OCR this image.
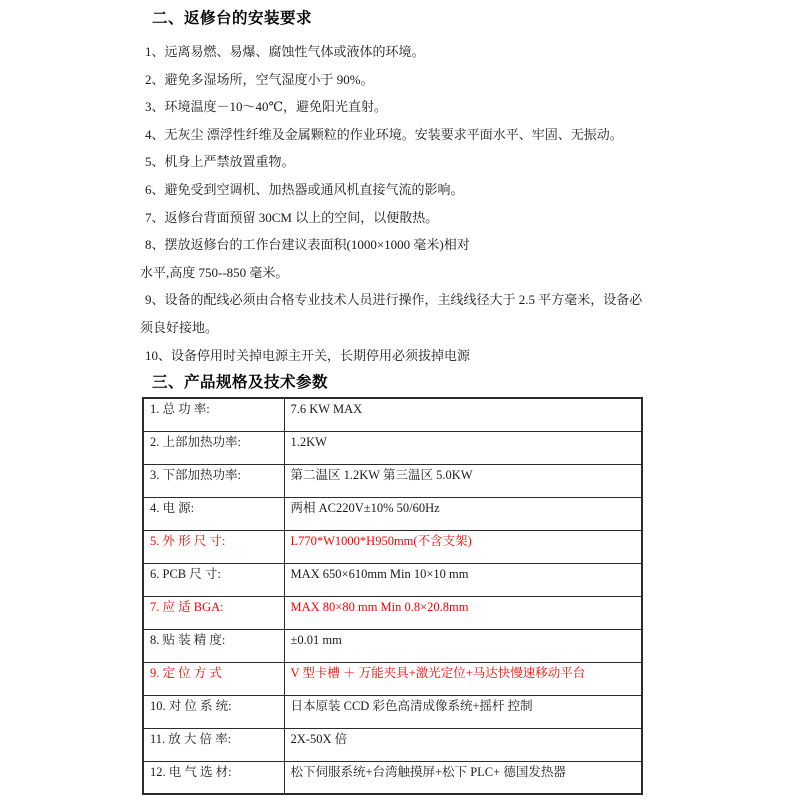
二、返修台的安装要求
1、远离易燃、易爆、腐蚀性气体或液体的环境。
2、避免多湿场所，空气湿度小于 90%。
3、环境温度－10～40℃，避免阳光直射。
4、无灰尘 漂浮性纤维及金属颗粒的作业环境。安装要求平面水平、牢固、无振动。
5、机身上严禁放置重物。
6、避免受到空调机、加热器或通风机直接气流的影响。
7、返修台背面预留 30CM 以上的空间，以便散热。
8、摆放返修台的工作台建议表面积(1000×1000 毫米)相对
水平,高度 750--850 毫米。
9、设备的配线必须由合格专业技术人员进行操作，主线线径大于 2.5 平方毫米，设备必
须良好接地。
10、设备停用时关掉电源主开关，长期停用必须拔掉电源
三、产品规格及技术参数
1. 总 功 率:	7.6 KW MAX
2. 上部加热功率:	1.2KW
3. 下部加热功率:	第二温区 1.2KW 第三温区 5.0KW
4. 电 源:	两相 AC220V±10% 50/60Hz
5. 外 形 尺 寸:	L770*W1000*H950mm(不含支架)
6. PCB 尺 寸:	MAX 650×610mm Min 10×10 mm
7. 应 适 BGA:	MAX 80×80 mm Min 0.8×20.8mm
8. 贴 装 精 度:	±0.01 mm
9. 定 位 方 式	V 型卡槽 ＋ 万能夹具+激光定位+马达快慢速移动平台
10. 对 位 系 统:	日本原装 CCD 彩色高清成像系统+摇杆 控制
11. 放 大 倍 率:	2X-50X 倍
12. 电 气 选 材:	松下伺服系统+台湾触摸屏+松下 PLC+ 德国发热器
